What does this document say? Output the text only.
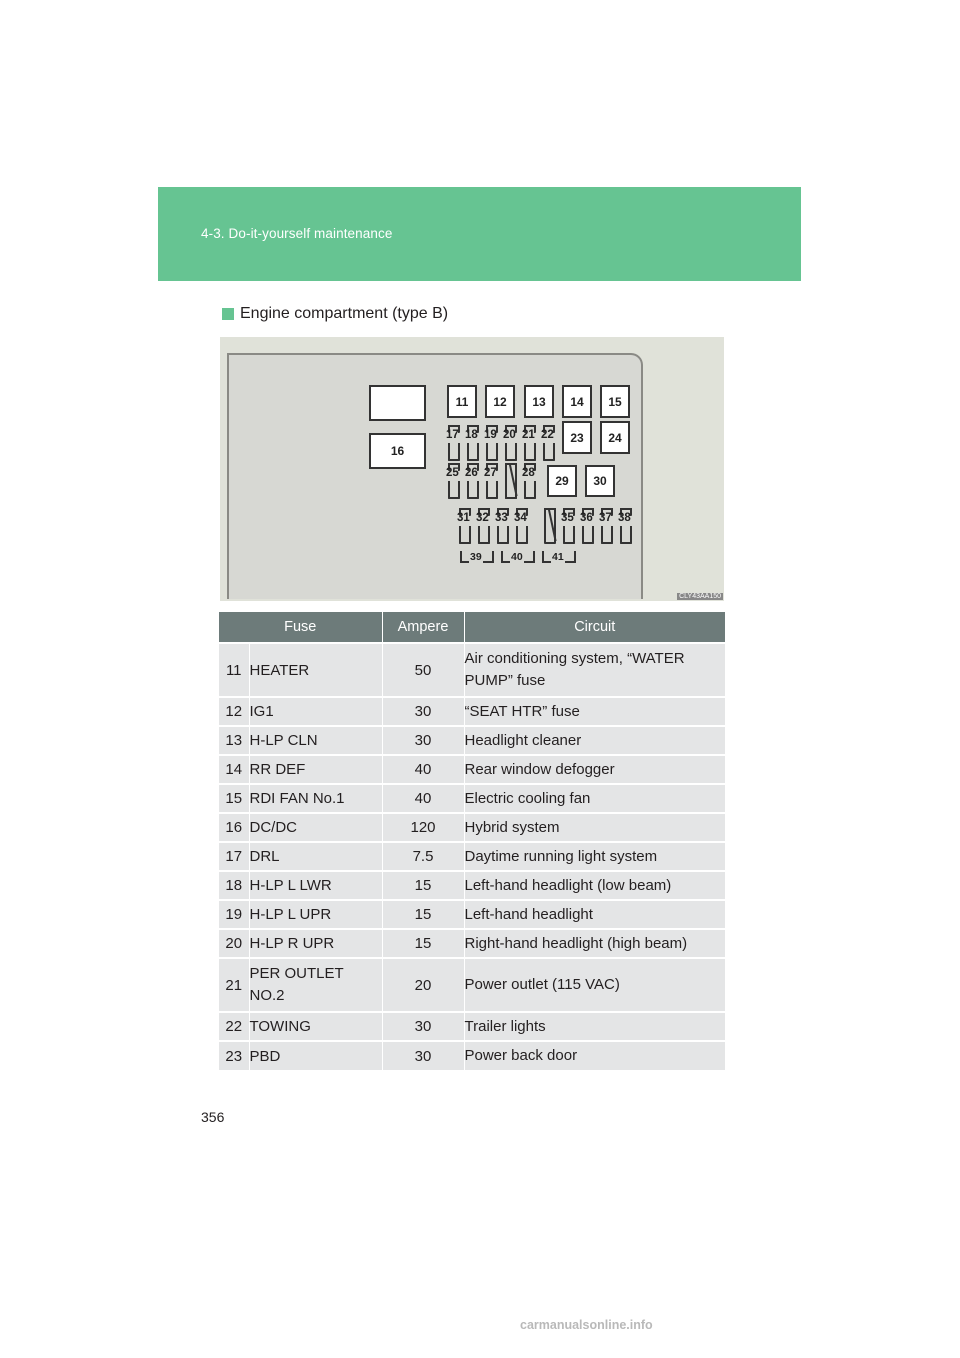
4-3. Do-it-yourself maintenance
Engine compartment (type B)
16
11	12	13	14	15
23	24
29	30
17 18 19 20 21 22
25 26 27 28
31 32 33 34	35 36 37 38
39	40	41
CLY43AA150
Fuse		Ampere	Circuit
11	HEATER	50	Air conditioning system, “WATER PUMP” fuse
12	IG1	30	“SEAT HTR” fuse
13	H-LP CLN	30	Headlight cleaner
14	RR DEF	40	Rear window defogger
15	RDI FAN No.1	40	Electric cooling fan
16	DC/DC	120	Hybrid system
17	DRL	7.5	Daytime running light system
18	H-LP L LWR	15	Left-hand headlight (low beam)
19	H-LP L UPR	15	Left-hand headlight
20	H-LP R UPR	15	Right-hand headlight (high beam)
21	PER OUTLET NO.2	20	Power outlet (115 VAC)
22	TOWING	30	Trailer lights
23	PBD	30	Power back door
356
carmanualsonline.info
